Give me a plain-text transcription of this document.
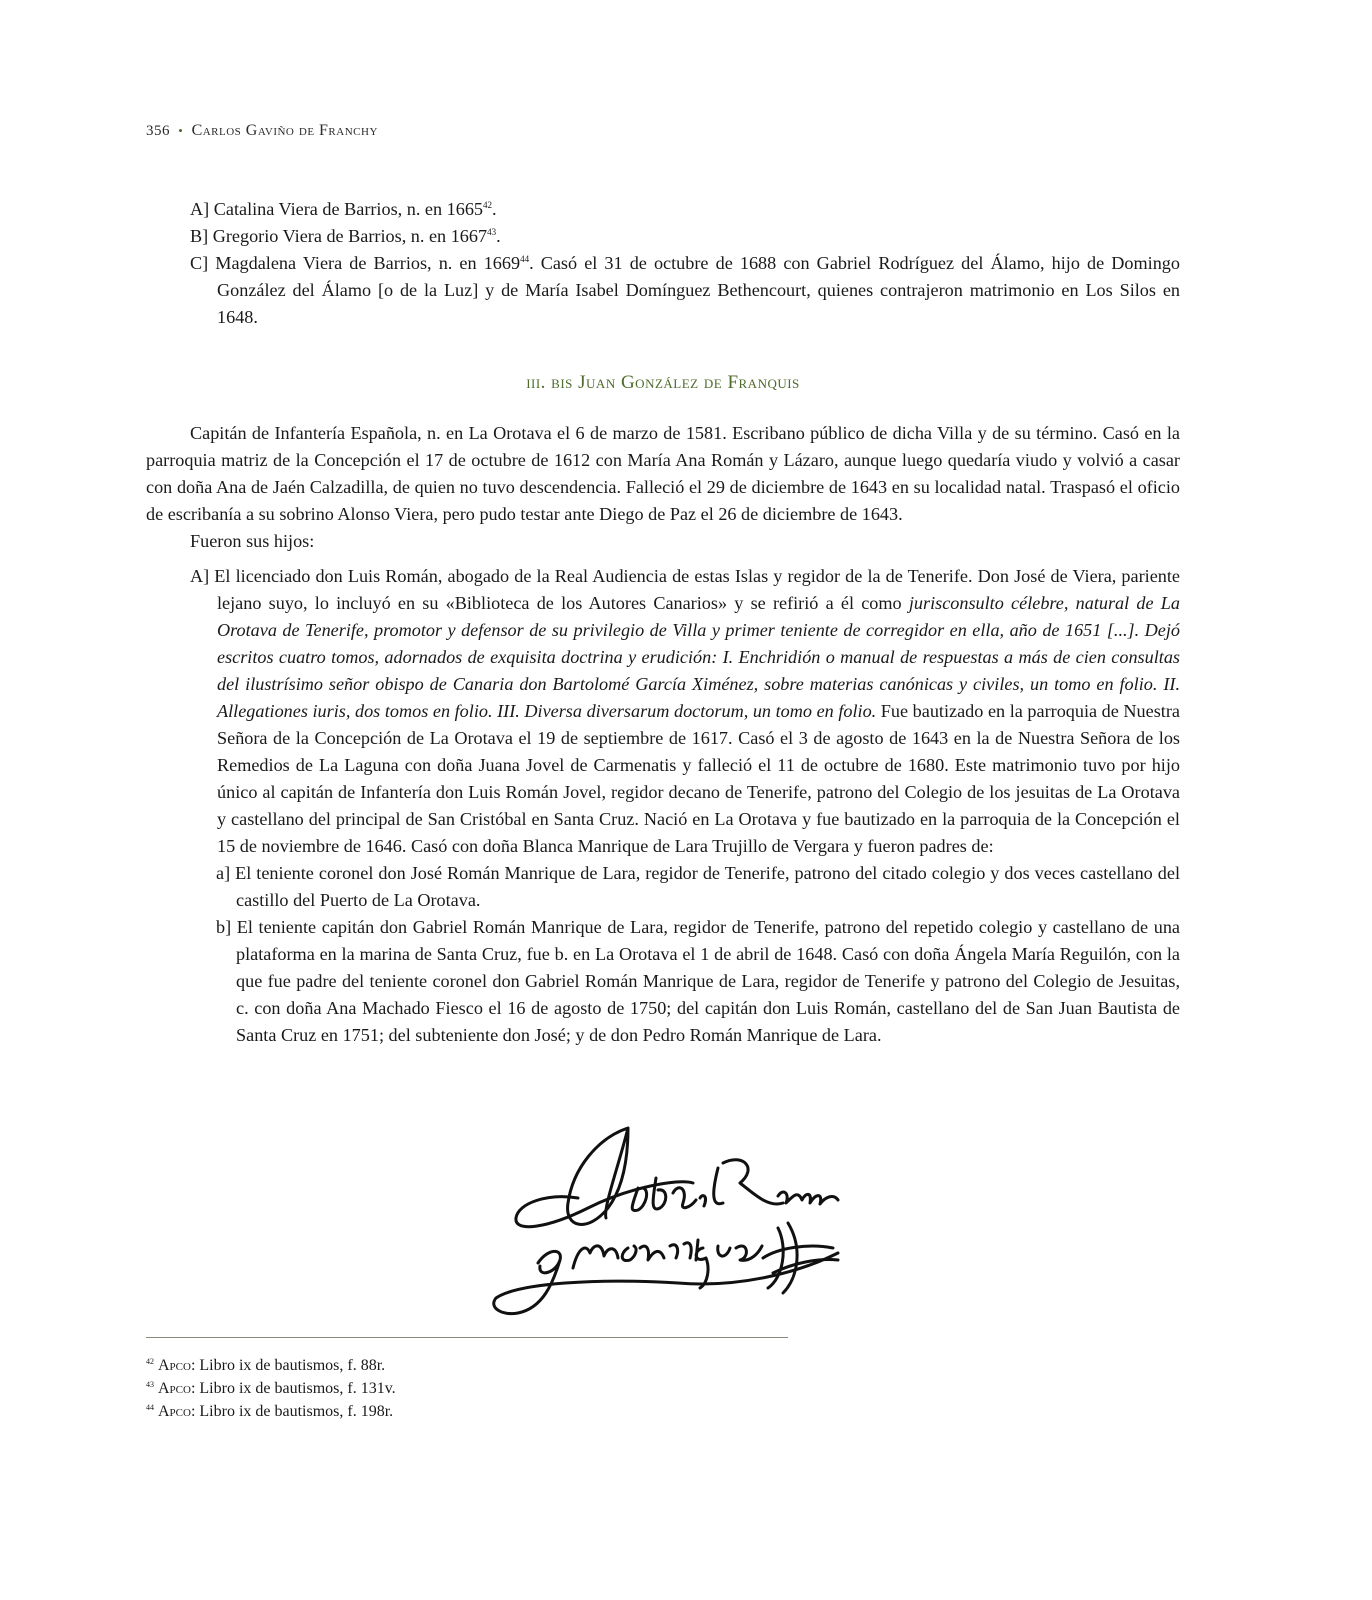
356 • Carlos Gaviño de Franchy
A] Catalina Viera de Barrios, n. en 1665$^{42}$.
B] Gregorio Viera de Barrios, n. en 1667$^{43}$.
C] Magdalena Viera de Barrios, n. en 1669$^{44}$. Casó el 31 de octubre de 1688 con Gabriel Rodríguez del Álamo, hijo de Domingo González del Álamo [o de la Luz] y de María Isabel Domínguez Bethencourt, quienes contrajeron matrimonio en Los Silos en 1648.
iii. bis Juan González de Franquis
Capitán de Infantería Española, n. en La Orotava el 6 de marzo de 1581. Escribano público de dicha Villa y de su término. Casó en la parroquia matriz de la Concepción el 17 de octubre de 1612 con María Ana Román y Lázaro, aunque luego quedaría viudo y volvió a casar con doña Ana de Jaén Calzadilla, de quien no tuvo descendencia. Falleció el 29 de diciembre de 1643 en su localidad natal. Traspasó el oficio de escribanía a su sobrino Alonso Viera, pero pudo testar ante Diego de Paz el 26 de diciembre de 1643.
Fueron sus hijos:
A] El licenciado don Luis Román, abogado de la Real Audiencia de estas Islas y regidor de la de Tenerife. Don José de Viera, pariente lejano suyo, lo incluyó en su «Biblioteca de los Autores Canarios» y se refirió a él como jurisconsulto célebre, natural de La Orotava de Tenerife, promotor y defensor de su privilegio de Villa y primer teniente de corregidor en ella, año de 1651 [...]. Dejó escritos cuatro tomos, adornados de exquisita doctrina y erudición: I. Enchridión o manual de respuestas a más de cien consultas del ilustrísimo señor obispo de Canaria don Bartolomé García Ximénez, sobre materias canónicas y civiles, un tomo en folio. II. Allegationes iuris, dos tomos en folio. III. Diversa diversarum doctorum, un tomo en folio. Fue bautizado en la parroquia de Nuestra Señora de la Concepción de La Orotava el 19 de septiembre de 1617. Casó el 3 de agosto de 1643 en la de Nuestra Señora de los Remedios de La Laguna con doña Juana Jovel de Carmenatis y falleció el 11 de octubre de 1680. Este matrimonio tuvo por hijo único al capitán de Infantería don Luis Román Jovel, regidor decano de Tenerife, patrono del Colegio de los jesuitas de La Orotava y castellano del principal de San Cristóbal en Santa Cruz. Nació en La Orotava y fue bautizado en la parroquia de la Concepción el 15 de noviembre de 1646. Casó con doña Blanca Manrique de Lara Trujillo de Vergara y fueron padres de:
a] El teniente coronel don José Román Manrique de Lara, regidor de Tenerife, patrono del citado colegio y dos veces castellano del castillo del Puerto de La Orotava.
b] El teniente capitán don Gabriel Román Manrique de Lara, regidor de Tenerife, patrono del repetido colegio y castellano de una plataforma en la marina de Santa Cruz, fue b. en La Orotava el 1 de abril de 1648. Casó con doña Ángela María Reguilón, con la que fue padre del teniente coronel don Gabriel Román Manrique de Lara, regidor de Tenerife y patrono del Colegio de Jesuitas, c. con doña Ana Machado Fiesco el 16 de agosto de 1750; del capitán don Luis Román, castellano del de San Juan Bautista de Santa Cruz en 1751; del subteniente don José; y de don Pedro Román Manrique de Lara.
$^{42}$ Apco: Libro ix de bautismos, f. 88r.
$^{43}$ Apco: Libro ix de bautismos, f. 131v.
$^{44}$ Apco: Libro ix de bautismos, f. 198r.
